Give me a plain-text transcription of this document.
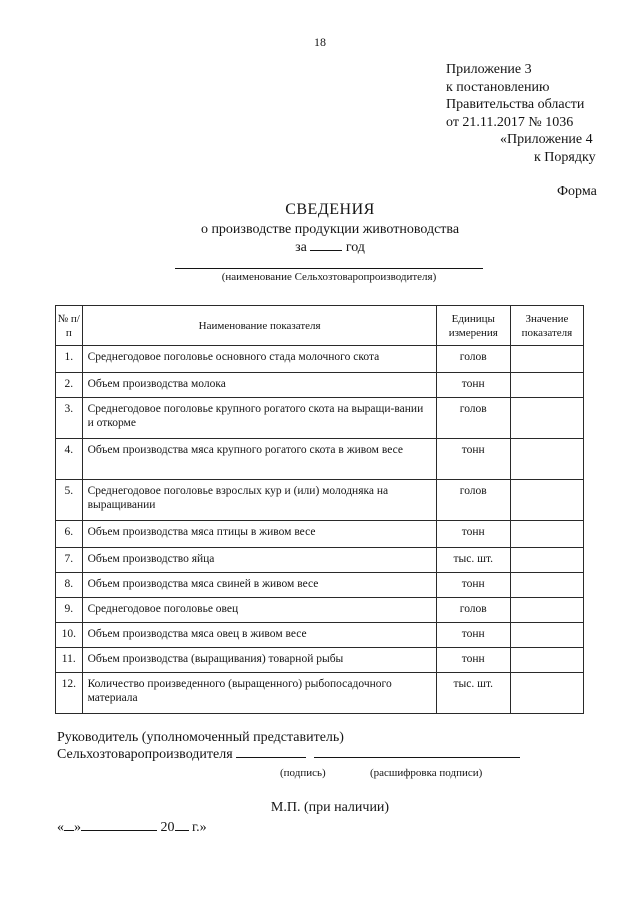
18
Приложение 3
к постановлению
Правительства области
от 21.11.2017 № 1036
«Приложение 4
к Порядку
Форма
СВЕДЕНИЯ
о производстве продукции животноводства
за	год
(наименование Сельхозтоваропроизводителя)
№ п/п	Наименование показателя	Единицы измерения	Значение показателя
1.	Среднегодовое поголовье основного стада молочного скота	голов	
2.	Объем производства молока	тонн	
3.	Среднегодовое поголовье крупного рогатого скота на выращи-вании и откорме	голов	
4.	Объем производства мяса крупного рогатого скота в живом весе	тонн	
5.	Среднегодовое поголовье взрослых кур и (или) молодняка на выращивании	голов	
6.	Объем производства мяса птицы в живом весе	тонн	
7.	Объем производство яйца	тыс. шт.	
8.	Объем производства мяса свиней в живом весе	тонн	
9.	Среднегодовое поголовье овец	голов	
10.	Объем производства мяса овец в живом весе	тонн	
11.	Объем производства (выращивания) товарной рыбы	тонн	
12.	Количество произведенного (выращенного) рыбопосадочного материала	тыс. шт.	
Руководитель (уполномоченный представитель)
Сельхозтоваропроизводителя
(подпись)	(расшифровка подписи)
М.П. (при наличии)
« »	20 г.»
